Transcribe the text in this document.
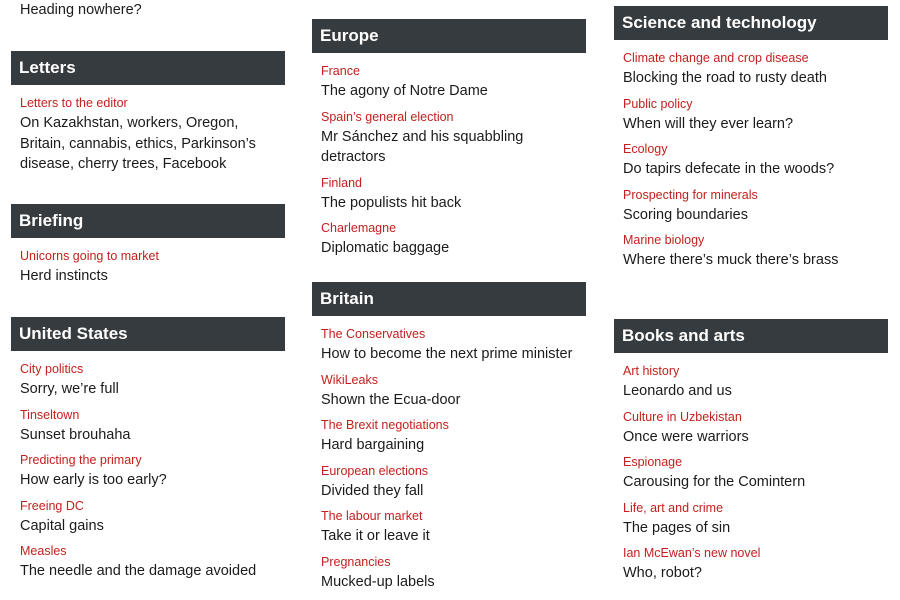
Heading nowhere?
Letters
Letters to the editor
On Kazakhstan, workers, Oregon, Britain, cannabis, ethics, Parkinson’s disease, cherry trees, Facebook
Briefing
Unicorns going to market
Herd instincts
United States
City politics
Sorry, we’re full
Tinseltown
Sunset brouhaha
Predicting the primary
How early is too early?
Freeing DC
Capital gains
Measles
The needle and the damage avoided
Europe
France
The agony of Notre Dame
Spain’s general election
Mr Sánchez and his squabbling detractors
Finland
The populists hit back
Charlemagne
Diplomatic baggage
Britain
The Conservatives
How to become the next prime minister
WikiLeaks
Shown the Ecua-door
The Brexit negotiations
Hard bargaining
European elections
Divided they fall
The labour market
Take it or leave it
Pregnancies
Mucked-up labels
Science and technology
Climate change and crop disease
Blocking the road to rusty death
Public policy
When will they ever learn?
Ecology
Do tapirs defecate in the woods?
Prospecting for minerals
Scoring boundaries
Marine biology
Where there’s muck there’s brass
Books and arts
Art history
Leonardo and us
Culture in Uzbekistan
Once were warriors
Espionage
Carousing for the Comintern
Life, art and crime
The pages of sin
Ian McEwan’s new novel
Who, robot?
